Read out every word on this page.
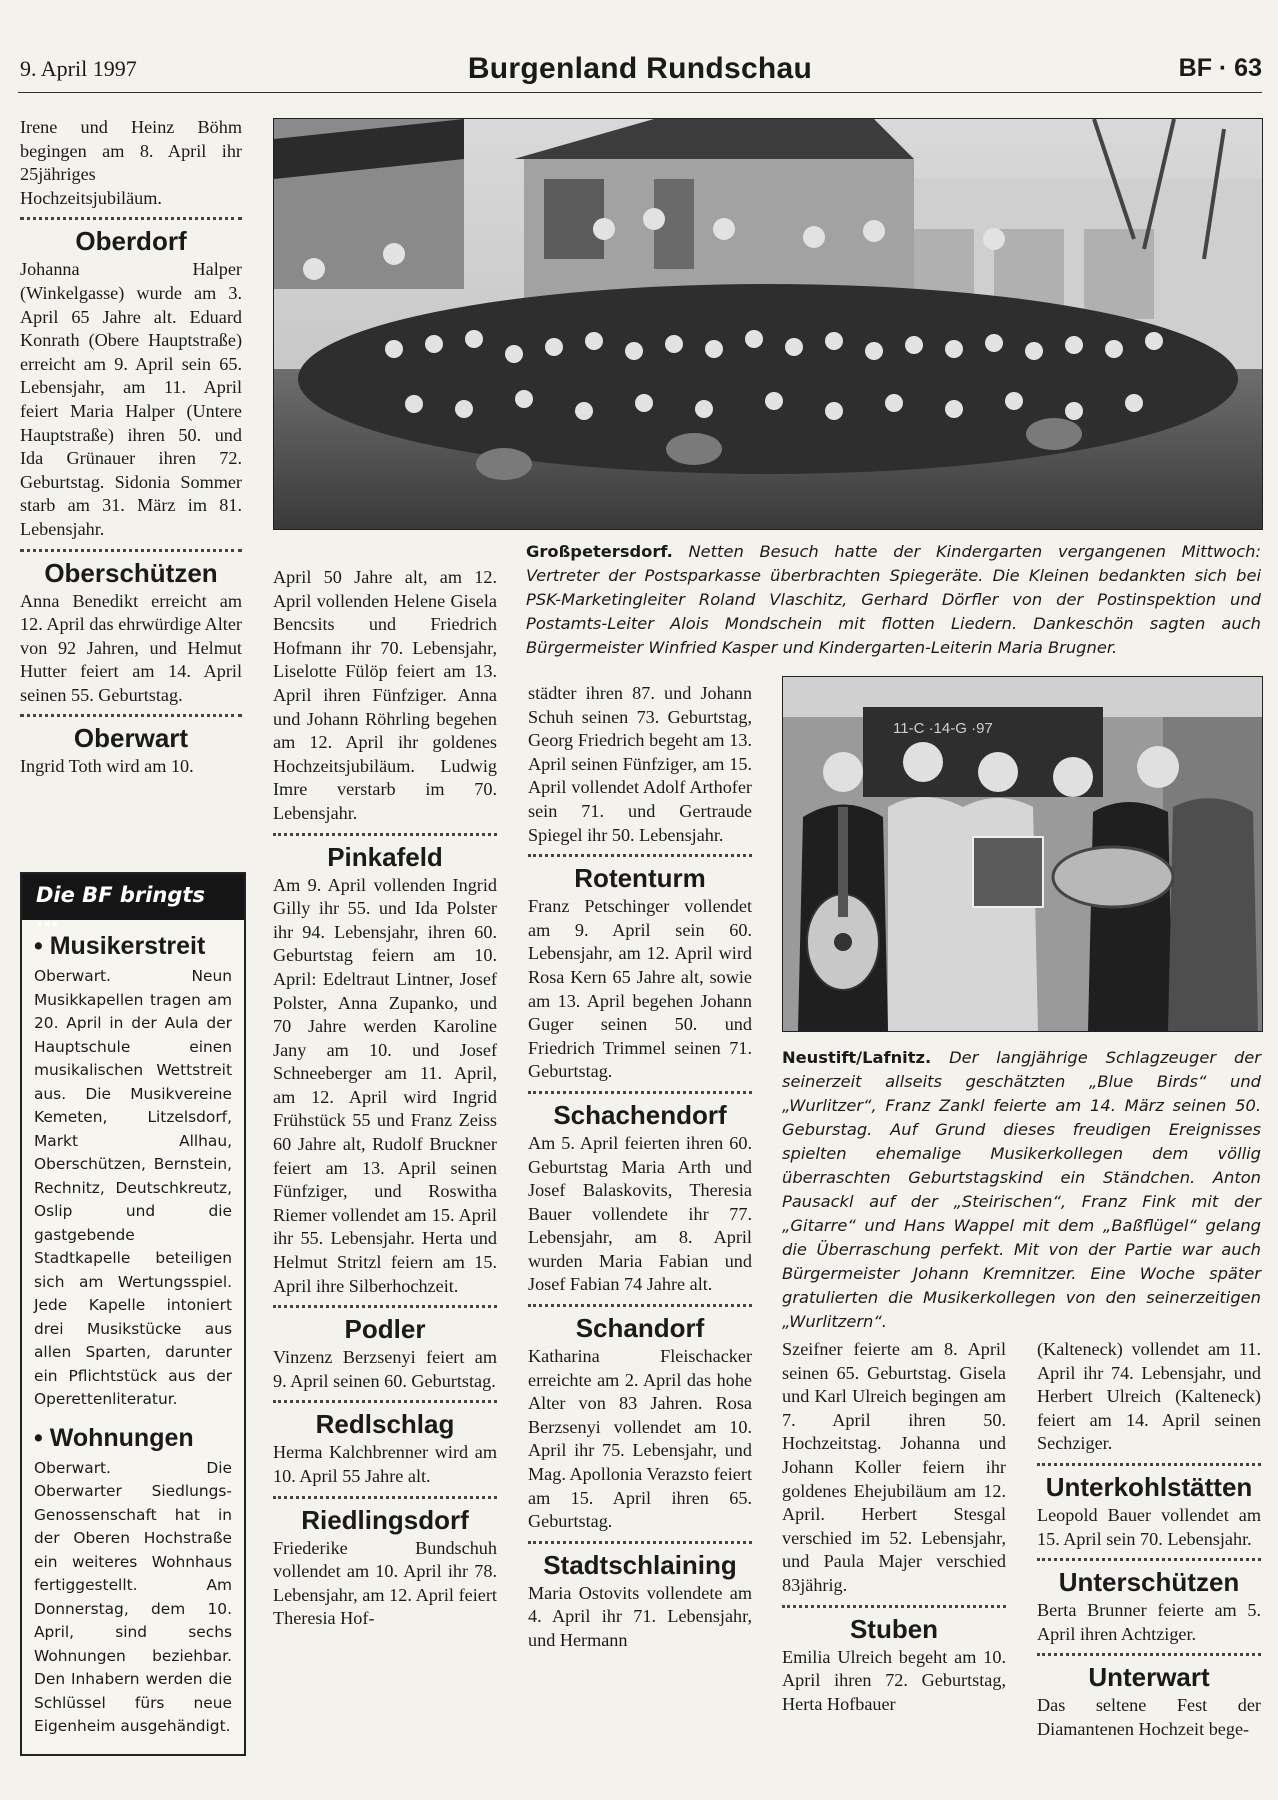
9. April 1997	Burgenland Rundschau	BF · 63

Irene und Heinz Böhm begingen am 8. April ihr 25jähriges Hochzeitsjubiläum.

Oberdorf

Johanna Halper (Winkelgasse) wurde am 3. April 65 Jahre alt. Eduard Konrath (Obere Hauptstraße) erreicht am 9. April sein 65. Lebensjahr, am 11. April feiert Maria Halper (Untere Hauptstraße) ihren 50. und Ida Grünauer ihren 72. Geburtstag. Sidonia Sommer starb am 31. März im 81. Lebensjahr.

Oberschützen

Anna Benedikt erreicht am 12. April das ehrwürdige Alter von 92 Jahren, und Helmut Hutter feiert am 14. April seinen 55. Geburtstag.

Oberwart

Ingrid Toth wird am 10.

Die BF bringts ...
• Musikerstreit
Oberwart. Neun Musikkapellen tragen am 20. April in der Aula der Hauptschule einen musikalischen Wettstreit aus. Die Musikvereine Kemeten, Litzelsdorf, Markt Allhau, Oberschützen, Bernstein, Rechnitz, Deutschkreutz, Oslip und die gastgebende Stadtkapelle beteiligen sich am Wertungsspiel. Jede Kapelle intoniert drei Musikstücke aus allen Sparten, darunter ein Pflichtstück aus der Operettenliteratur.
• Wohnungen
Oberwart. Die Oberwarter Siedlungs-Genossenschaft hat in der Oberen Hochstraße ein weiteres Wohnhaus fertiggestellt. Am Donnerstag, dem 10. April, sind sechs Wohnungen beziehbar. Den Inhabern werden die Schlüssel fürs neue Eigenheim ausgehändigt.
Großpetersdorf. Netten Besuch hatte der Kindergarten vergangenen Mittwoch: Vertreter der Postsparkasse überbrachten Spiegeräte. Die Kleinen bedankten sich bei PSK-Marketingleiter Roland Vlaschitz, Gerhard Dörfler von der Postinspektion und Postamts-Leiter Alois Mondschein mit flotten Liedern. Dankeschön sagten auch Bürgermeister Winfried Kasper und Kindergarten-Leiterin Maria Brugner.

April 50 Jahre alt, am 12. April vollenden Helene Gisela Bencsits und Friedrich Hofmann ihr 70. Lebensjahr, Liselotte Fülöp feiert am 13. April ihren Fünfziger. Anna und Johann Röhrling begehen am 12. April ihr goldenes Hochzeitsjubiläum. Ludwig Imre verstarb im 70. Lebensjahr.

Pinkafeld

Am 9. April vollenden Ingrid Gilly ihr 55. und Ida Polster ihr 94. Lebensjahr, ihren 60. Geburtstag feiern am 10. April: Edeltraut Lintner, Josef Polster, Anna Zupanko, und 70 Jahre werden Karoline Jany am 10. und Josef Schneeberger am 11. April, am 12. April wird Ingrid Frühstück 55 und Franz Zeiss 60 Jahre alt, Rudolf Bruckner feiert am 13. April seinen Fünfziger, und Roswitha Riemer vollendet am 15. April ihr 55. Lebensjahr. Herta und Helmut Stritzl feiern am 15. April ihre Silberhochzeit.

Podler

Vinzenz Berzsenyi feiert am 9. April seinen 60. Geburtstag.

Redlschlag

Herma Kalchbrenner wird am 10. April 55 Jahre alt.

Riedlingsdorf

Friederike Bundschuh vollendet am 10. April ihr 78. Lebensjahr, am 12. April feiert Theresia Hof-

städter ihren 87. und Johann Schuh seinen 73. Geburtstag, Georg Friedrich begeht am 13. April seinen Fünfziger, am 15. April vollendet Adolf Arthofer sein 71. und Gertraude Spiegel ihr 50. Lebensjahr.

Rotenturm

Franz Petschinger vollendet am 9. April sein 60. Lebensjahr, am 12. April wird Rosa Kern 65 Jahre alt, sowie am 13. April begehen Johann Guger seinen 50. und Friedrich Trimmel seinen 71. Geburtstag.

Schachendorf

Am 5. April feierten ihren 60. Geburtstag Maria Arth und Josef Balaskovits, Theresia Bauer vollendete ihr 77. Lebensjahr, am 8. April wurden Maria Fabian und Josef Fabian 74 Jahre alt.

Schandorf

Katharina Fleischacker erreichte am 2. April das hohe Alter von 83 Jahren. Rosa Berzsenyi vollendet am 10. April ihr 75. Lebensjahr, und Mag. Apollonia Verazsto feiert am 15. April ihren 65. Geburtstag.

Stadtschlaining

Maria Ostovits vollendete am 4. April ihr 71. Lebensjahr, und Hermann

11-C ·14-G ·97
Neustift/Lafnitz. Der langjährige Schlagzeuger der seinerzeit allseits geschätzten „Blue Birds“ und „Wurlitzer“, Franz Zankl feierte am 14. März seinen 50. Geburstag. Auf Grund dieses freudigen Ereignisses spielten ehemalige Musikerkollegen dem völlig überraschten Geburtstagskind ein Ständchen. Anton Pausackl auf der „Steirischen“, Franz Fink mit der „Gitarre“ und Hans Wappel mit dem „Baßflügel“ gelang die Überraschung perfekt. Mit von der Partie war auch Bürgermeister Johann Kremnitzer. Eine Woche später gratulierten die Musikerkollegen von den seinerzeitigen „Wurlitzern“.

Szeifner feierte am 8. April seinen 65. Geburtstag. Gisela und Karl Ulreich begingen am 7. April ihren 50. Hochzeitstag. Johanna und Johann Koller feiern ihr goldenes Ehejubiläum am 12. April. Herbert Stesgal verschied im 52. Lebensjahr, und Paula Majer verschied 83jährig.

Stuben

Emilia Ulreich begeht am 10. April ihren 72. Geburtstag, Herta Hofbauer

(Kalteneck) vollendet am 11. April ihr 74. Lebensjahr, und Herbert Ulreich (Kalteneck) feiert am 14. April seinen Sechziger.

Unterkohlstätten

Leopold Bauer vollendet am 15. April sein 70. Lebensjahr.

Unterschützen

Berta Brunner feierte am 5. April ihren Achtziger.

Unterwart

Das seltene Fest der Diamantenen Hochzeit bege-
